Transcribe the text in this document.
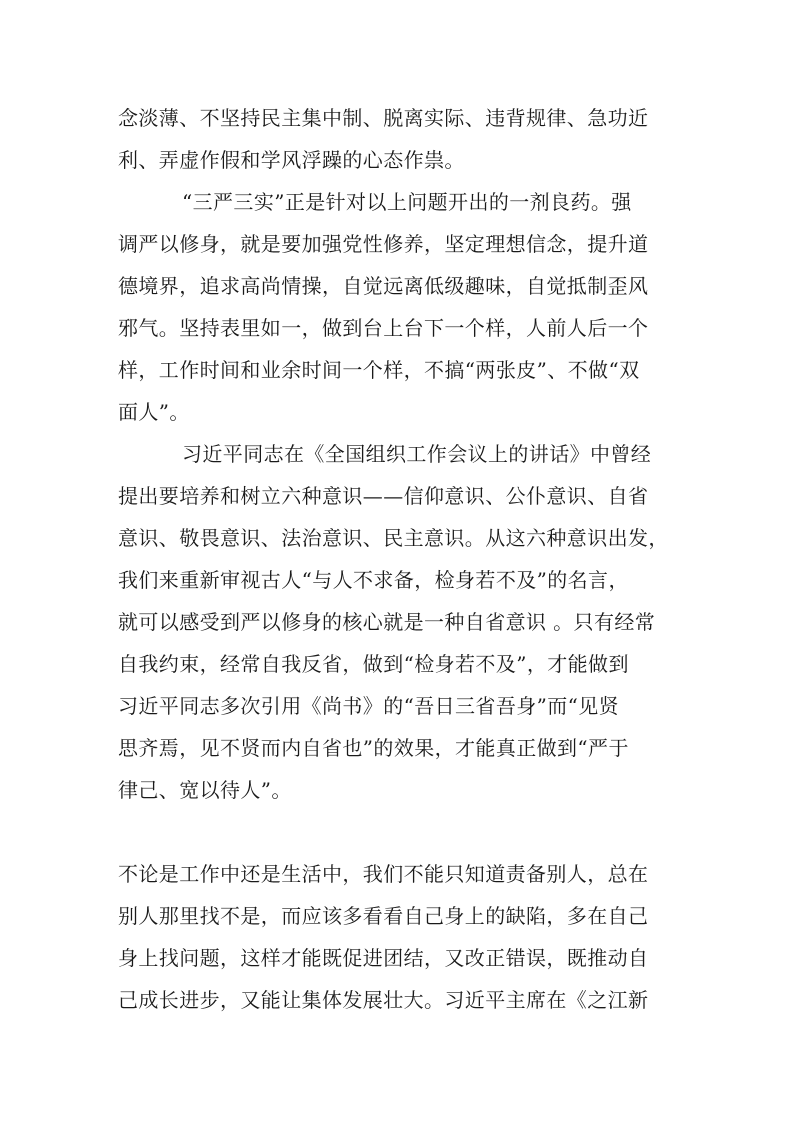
念淡薄、不坚持民主集中制、脱离实际、违背规律、急功近
利、弄虚作假和学风浮躁的心态作祟。
“三严三实”正是针对以上问题开出的一剂良药。强
调严以修身，就是要加强党性修养，坚定理想信念，提升道
德境界，追求高尚情操，自觉远离低级趣味，自觉抵制歪风
邪气。坚持表里如一，做到台上台下一个样，人前人后一个
样，工作时间和业余时间一个样，不搞“两张皮”、不做“双
面人”。
习近平同志在《全国组织工作会议上的讲话》中曾经
提出要培养和树立六种意识——信仰意识、公仆意识、自省
意识、敬畏意识、法治意识、民主意识。从这六种意识出发，
我们来重新审视古人“与人不求备，检身若不及”的名言，
就可以感受到严以修身的核心就是一种自省意识 。只有经常
自我约束，经常自我反省，做到“检身若不及”，才能做到
习近平同志多次引用《尚书》的“吾日三省吾身”而“见贤
思齐焉，见不贤而内自省也”的效果，才能真正做到“严于
律己、宽以待人”。
不论是工作中还是生活中，我们不能只知道责备别人，总在
别人那里找不是，而应该多看看自己身上的缺陷，多在自己
身上找问题，这样才能既促进团结，又改正错误，既推动自
己成长进步，又能让集体发展壮大。习近平主席在《之江新
